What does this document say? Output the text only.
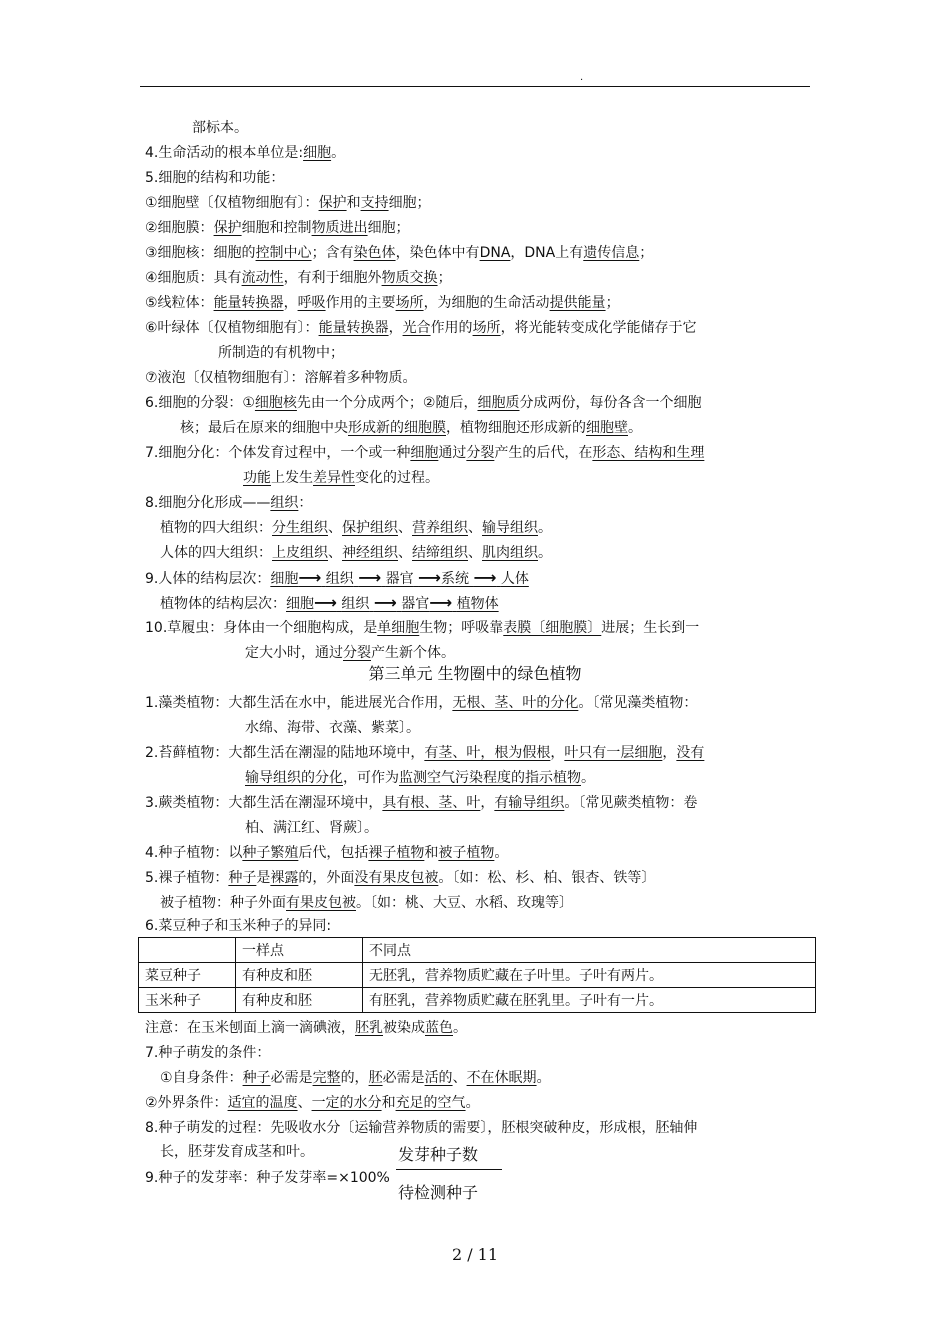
.
部标本。
4.生命活动的根本单位是:细胞。
5.细胞的结构和功能：
①细胞壁〔仅植物细胞有〕：保护和支持细胞；
②细胞膜：保护细胞和控制物质进出细胞；
③细胞核：细胞的控制中心；含有染色体，染色体中有DNA，DNA上有遗传信息；
④细胞质：具有流动性，有利于细胞外物质交换；
⑤线粒体：能量转换器，呼吸作用的主要场所，为细胞的生命活动提供能量；
⑥叶绿体〔仅植物细胞有〕：能量转换器，光合作用的场所，将光能转变成化学能储存于它
所制造的有机物中；
⑦液泡〔仅植物细胞有〕：溶解着多种物质。
6.细胞的分裂：①细胞核先由一个分成两个；②随后，细胞质分成两份，每份各含一个细胞
核；最后在原来的细胞中央形成新的细胞膜，植物细胞还形成新的细胞壁。
7.细胞分化：个体发育过程中，一个或一种细胞通过分裂产生的后代，在形态、结构和生理
功能上发生差异性变化的过程。
8.细胞分化形成——组织：
植物的四大组织：分生组织、保护组织、营养组织、输导组织。
人体的四大组织：上皮组织、神经组织、结缔组织、肌肉组织。
9.人体的结构层次：细胞⟶ 组织 ⟶ 器官 ⟶系统 ⟶ 人体
植物体的结构层次：细胞⟶ 组织 ⟶ 器官⟶ 植物体
10.草履虫：身体由一个细胞构成，是单细胞生物；呼吸靠表膜〔细胞膜〕进展；生长到一
定大小时，通过分裂产生新个体。
第三单元 生物圈中的绿色植物
1.藻类植物：大都生活在水中，能进展光合作用，无根、茎、叶的分化。〔常见藻类植物：
水绵、海带、衣藻、紫菜〕。
2.苔藓植物：大都生活在潮湿的陆地环境中，有茎、叶，根为假根，叶只有一层细胞，没有
输导组织的分化，可作为监测空气污染程度的指示植物。
3.蕨类植物：大都生活在潮湿环境中，具有根、茎、叶，有输导组织。〔常见蕨类植物：卷
柏、满江红、肾蕨〕。
4.种子植物：以种子繁殖后代，包括裸子植物和被子植物。
5.裸子植物：种子是裸露的，外面没有果皮包被。〔如：松、杉、柏、银杏、铁等〕
被子植物：种子外面有果皮包被。〔如：桃、大豆、水稻、玫瑰等〕
6.菜豆种子和玉米种子的异同:
	一样点	不同点
菜豆种子	有种皮和胚	无胚乳，营养物质贮藏在子叶里。子叶有两片。
玉米种子	有种皮和胚	有胚乳，营养物质贮藏在胚乳里。子叶有一片。
注意：在玉米刨面上滴一滴碘液，胚乳被染成蓝色。
7.种子萌发的条件：
①自身条件：种子必需是完整的，胚必需是活的、不在休眠期。
②外界条件：适宜的温度、一定的水分和充足的空气。
8.种子萌发的过程：先吸收水分〔运输营养物质的需要〕，胚根突破种皮，形成根，胚轴伸
长，胚芽发育成茎和叶。
9.种子的发芽率：种子发芽率=×100%
发芽种子数
待检测种子
2 / 11
